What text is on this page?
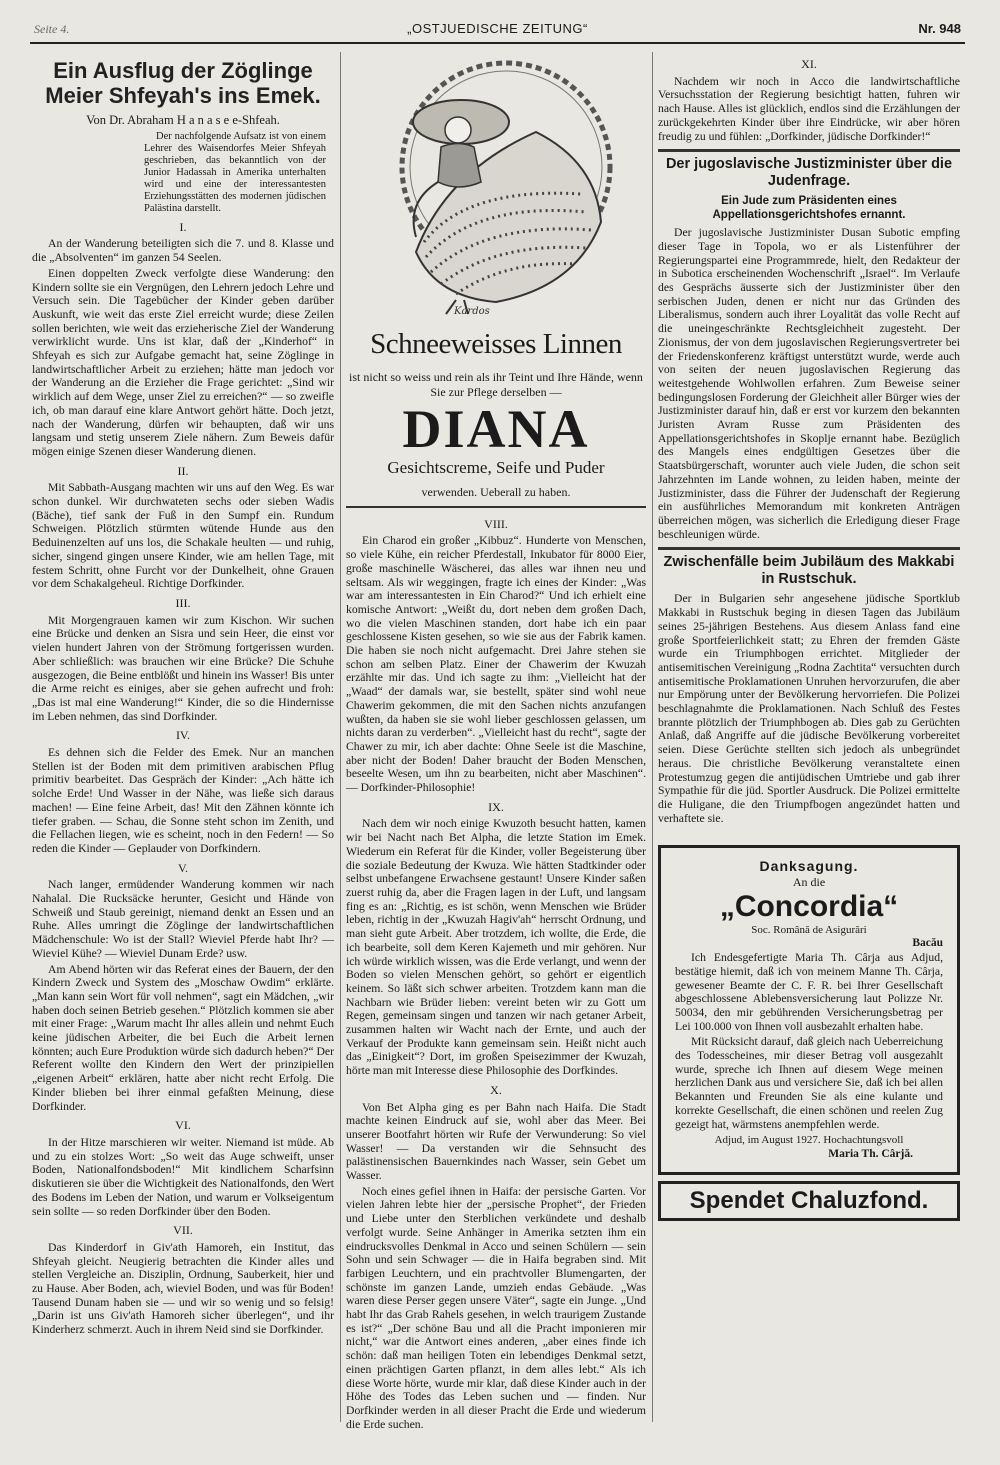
Seite 4.	„OSTJUEDISCHE ZEITUNG“	Nr. 948
Ein Ausflug der Zöglinge Meier Shfeyah's ins Emek.
Von Dr. Abraham H a n a s e e-Shfeah.

Der nachfolgende Aufsatz ist von einem Lehrer des Waisendorfes Meier Shfeyah geschrieben, das bekanntlich von der Junior Hadassah in Amerika unterhalten wird und eine der interessantesten Erziehungsstätten des modernen jüdischen Palästina darstellt.

I.

An der Wanderung beteiligten sich die 7. und 8. Klasse und die „Absolventen“ im ganzen 54 Seelen.

Einen doppelten Zweck verfolgte diese Wanderung: den Kindern sollte sie ein Vergnügen, den Lehrern jedoch Lehre und Versuch sein. Die Tagebücher der Kinder geben darüber Auskunft, wie weit das erste Ziel erreicht wurde; diese Zeilen sollen berichten, wie weit das erzieherische Ziel der Wanderung verwirklicht wurde. Uns ist klar, daß der „Kinderhof“ in Shfeyah es sich zur Aufgabe gemacht hat, seine Zöglinge in landwirtschaftlicher Arbeit zu erziehen; hätte man jedoch vor der Wanderung an die Erzieher die Frage gerichtet: „Sind wir wirklich auf dem Wege, unser Ziel zu erreichen?“ — so zweifle ich, ob man darauf eine klare Antwort gehört hätte. Doch jetzt, nach der Wanderung, dürfen wir behaupten, daß wir uns langsam und stetig unserem Ziele nähern. Zum Beweis dafür mögen einige Szenen dieser Wanderung dienen.

II.

Mit Sabbath-Ausgang machten wir uns auf den Weg. Es war schon dunkel. Wir durchwateten sechs oder sieben Wadis (Bäche), tief sank der Fuß in den Sumpf ein. Rundum Schweigen. Plötzlich stürmten wütende Hunde aus den Beduinenzelten auf uns los, die Schakale heulten — und ruhig, sicher, singend gingen unsere Kinder, wie am hellen Tage, mit festem Schritt, ohne Furcht vor der Dunkelheit, ohne Grauen vor dem Schakalgeheul. Richtige Dorfkinder.

III.

Mit Morgengrauen kamen wir zum Kischon. Wir suchen eine Brücke und denken an Sisra und sein Heer, die einst vor vielen hundert Jahren von der Strömung fortgerissen wurden. Aber schließlich: was brauchen wir eine Brücke? Die Schuhe ausgezogen, die Beine entblößt und hinein ins Wasser! Bis unter die Arme reicht es einiges, aber sie gehen aufrecht und froh: „Das ist mal eine Wanderung!“ Kinder, die so die Hindernisse im Leben nehmen, das sind Dorfkinder.

IV.

Es dehnen sich die Felder des Emek. Nur an manchen Stellen ist der Boden mit dem primitiven arabischen Pflug primitiv bearbeitet. Das Gespräch der Kinder: „Ach hätte ich solche Erde! Und Wasser in der Nähe, was ließe sich daraus machen! — Eine feine Arbeit, das! Mit den Zähnen könnte ich tiefer graben. — Schau, die Sonne steht schon im Zenith, und die Fellachen liegen, wie es scheint, noch in den Federn! — So reden die Kinder — Geplauder von Dorfkindern.

V.

Nach langer, ermüdender Wanderung kommen wir nach Nahalal. Die Rucksäcke herunter, Gesicht und Hände von Schweiß und Staub gereinigt, niemand denkt an Essen und an Ruhe. Alles umringt die Zöglinge der landwirtschaftlichen Mädchenschule: Wo ist der Stall? Wieviel Pferde habt Ihr? — Wieviel Kühe? — Wieviel Dunam Erde? usw.

Am Abend hörten wir das Referat eines der Bauern, der den Kindern Zweck und System des „Moschaw Owdim“ erklärte. „Man kann sein Wort für voll nehmen“, sagt ein Mädchen, „wir haben doch seinen Betrieb gesehen.“ Plötzlich kommen sie aber mit einer Frage: „Warum macht Ihr alles allein und nehmt Euch keine jüdischen Arbeiter, die bei Euch die Arbeit lernen könnten; auch Eure Produktion würde sich dadurch heben?“ Der Referent wollte den Kindern den Wert der prinzipiellen „eigenen Arbeit“ erklären, hatte aber nicht recht Erfolg. Die Kinder blieben bei ihrer einmal gefaßten Meinung, diese Dorfkinder.

VI.

In der Hitze marschieren wir weiter. Niemand ist müde. Ab und zu ein stolzes Wort: „So weit das Auge schweift, unser Boden, Nationalfondsboden!“ Mit kindlichem Scharfsinn diskutieren sie über die Wichtigkeit des Nationalfonds, den Wert des Bodens im Leben der Nation, und warum er Volkseigentum sein sollte — so reden Dorfkinder über den Boden.

VII.

Das Kinderdorf in Giv'ath Hamoreh, ein Institut, das Shfeyah gleicht. Neugierig betrachten die Kinder alles und stellen Vergleiche an. Disziplin, Ordnung, Sauberkeit, hier und zu Hause. Aber Boden, ach, wieviel Boden, und was für Boden! Tausend Dunam haben sie — und wir so wenig und so felsig! „Darin ist uns Giv'ath Hamoreh sicher überlegen“, und ihr Kinderherz schmerzt. Auch in ihrem Neid sind sie Dorfkinder.

Kardos
Schneeweisses Linnen
ist nicht so weiss und rein als ihr Teint und Ihre Hände, wenn Sie zur Pflege derselben —
DIANA
Gesichtscreme, Seife und Puder
verwenden. Ueberall zu haben.
VIII.

Ein Charod ein großer „Kibbuz“. Hunderte von Menschen, so viele Kühe, ein reicher Pferdestall, Inkubator für 8000 Eier, große maschinelle Wäscherei, das alles war ihnen neu und seltsam. Als wir weggingen, fragte ich eines der Kinder: „Was war am interessantesten in Ein Charod?“ Und ich erhielt eine komische Antwort: „Weißt du, dort neben dem großen Dach, wo die vielen Maschinen standen, dort habe ich ein paar geschlossene Kisten gesehen, so wie sie aus der Fabrik kamen. Die haben sie noch nicht aufgemacht. Drei Jahre stehen sie schon am selben Platz. Einer der Chawerim der Kwuzah erzählte mir das. Und ich sagte zu ihm: „Vielleicht hat der „Waad“ der damals war, sie bestellt, später sind wohl neue Chawerim gekommen, die mit den Sachen nichts anzufangen wußten, da haben sie sie wohl lieber geschlossen gelassen, um nichts daran zu verderben“. „Vielleicht hast du recht“, sagte der Chawer zu mir, ich aber dachte: Ohne Seele ist die Maschine, aber nicht der Boden! Daher braucht der Boden Menschen, beseelte Wesen, um ihn zu bearbeiten, nicht aber Maschinen“. — Dorfkinder-Philosophie!

IX.

Nach dem wir noch einige Kwuzoth besucht hatten, kamen wir bei Nacht nach Bet Alpha, die letzte Station im Emek. Wiederum ein Referat für die Kinder, voller Begeisterung über die soziale Bedeutung der Kwuza. Wie hätten Stadtkinder oder selbst unbefangene Erwachsene gestaunt! Unsere Kinder saßen zuerst ruhig da, aber die Fragen lagen in der Luft, und langsam fing es an: „Richtig, es ist schön, wenn Menschen wie Brüder leben, richtig in der „Kwuzah Hagiv'ah“ herrscht Ordnung, und man sieht gute Arbeit. Aber trotzdem, ich wollte, die Erde, die ich bearbeite, soll dem Keren Kajemeth und mir gehören. Nur ich würde wirklich wissen, was die Erde verlangt, und wenn der Boden so vielen Menschen gehört, so gehört er eigentlich keinem. So läßt sich schwer arbeiten. Trotzdem kann man die Nachbarn wie Brüder lieben: vereint beten wir zu Gott um Regen, gemeinsam singen und tanzen wir nach getaner Arbeit, zusammen halten wir Wacht nach der Ernte, und auch der Verkauf der Produkte kann gemeinsam sein. Heißt nicht auch das „Einigkeit“? Dort, im großen Speisezimmer der Kwuzah, hörte man mit Interesse diese Philosophie des Dorfkindes.

X.

Von Bet Alpha ging es per Bahn nach Haifa. Die Stadt machte keinen Eindruck auf sie, wohl aber das Meer. Bei unserer Bootfahrt hörten wir Rufe der Verwunderung: So viel Wasser! — Da verstanden wir die Sehnsucht des palästinensischen Bauernkindes nach Wasser, sein Gebet um Wasser.

Noch eines gefiel ihnen in Haifa: der persische Garten. Vor vielen Jahren lebte hier der „persische Prophet“, der Frieden und Liebe unter den Sterblichen verkündete und deshalb verfolgt wurde. Seine Anhänger in Amerika setzten ihm ein eindrucksvolles Denkmal in Acco und seinen Schülern — sein Sohn und sein Schwager — die in Haifa begraben sind. Mit farbigen Leuchtern, und ein prachtvoller Blumengarten, der schönste im ganzen Lande, umzieh endas Gebäude. „Was waren diese Perser gegen unsere Väter“, sagte ein Junge. „Und habt Ihr das Grab Rahels gesehen, in welch traurigem Zustande es ist?“ „Der schöne Bau und all die Pracht imponieren mir nicht,“ war die Antwort eines anderen, „aber eines finde ich schön: daß man heiligen Toten ein lebendiges Denkmal setzt, einen prächtigen Garten pflanzt, in dem alles lebt.“ Als ich diese Worte hörte, wurde mir klar, daß diese Kinder auch in der Höhe des Todes das Leben suchen und — finden. Nur Dorfkinder werden in all dieser Pracht die Erde und wiederum die Erde suchen.

XI.

Nachdem wir noch in Acco die landwirtschaftliche Versuchsstation der Regierung besichtigt hatten, fuhren wir nach Hause. Alles ist glücklich, endlos sind die Erzählungen der zurückgekehrten Kinder über ihre Eindrücke, wir aber hören freudig zu und fühlen: „Dorfkinder, jüdische Dorfkinder!“

Der jugoslavische Justizminister über die Judenfrage.
Ein Jude zum Präsidenten eines Appellationsgerichtshofes ernannt.

Der jugoslavische Justizminister Dusan Subotic empfing dieser Tage in Topola, wo er als Listenführer der Regierungspartei eine Programmrede, hielt, den Redakteur der in Subotica erscheinenden Wochenschrift „Israel“. Im Verlaufe des Gesprächs äusserte sich der Justizminister über den serbischen Juden, denen er nicht nur das Gründen des Liberalismus, sondern auch ihrer Loyalität das volle Recht auf die uneingeschränkte Rechtsgleichheit zugesteht. Der Zionismus, der von dem jugoslavischen Regierungsvertreter bei der Friedenskonferenz kräftigst unterstützt wurde, werde auch von seiten der neuen jugoslavischen Regierung das weitestgehende Wohlwollen erfahren. Zum Beweise seiner bedingungslosen Forderung der Gleichheit aller Bürger wies der Justizminister darauf hin, daß er erst vor kurzem den bekannten Juristen Avram Russe zum Präsidenten des Appellationsgerichtshofes in Skoplje ernannt habe. Bezüglich des Mangels eines endgültigen Gesetzes über die Staatsbürgerschaft, worunter auch viele Juden, die schon seit Jahrzehnten im Lande wohnen, zu leiden haben, meinte der Justizminister, dass die Führer der Judenschaft der Regierung ein ausführliches Memorandum mit konkreten Anträgen überreichen mögen, was sicherlich die Erledigung dieser Frage beschleunigen würde.

Zwischenfälle beim Jubiläum des Makkabi in Rustschuk.

Der in Bulgarien sehr angesehene jüdische Sportklub Makkabi in Rustschuk beging in diesen Tagen das Jubiläum seines 25-jährigen Bestehens. Aus diesem Anlass fand eine große Sportfeierlichkeit statt; zu Ehren der fremden Gäste wurde ein Triumphbogen errichtet. Mitglieder der antisemitischen Vereinigung „Rodna Zachtita“ versuchten durch antisemitische Proklamationen Unruhen hervorzurufen, die aber nur Empörung unter der Bevölkerung hervorriefen. Die Polizei beschlagnahmte die Proklamationen. Nach Schluß des Festes brannte plötzlich der Triumphbogen ab. Dies gab zu Gerüchten Anlaß, daß Angriffe auf die jüdische Bevölkerung vorbereitet seien. Diese Gerüchte stellten sich jedoch als unbegründet heraus. Die christliche Bevölkerung veranstaltete einen Protestumzug gegen die antijüdischen Umtriebe und gab ihrer Sympathie für die jüd. Sportler Ausdruck. Die Polizei ermittelte die Huligane, die den Triumpfbogen angezündet hatten und verhaftete sie.

Danksagung.
An die
„Concordia“
Soc. Română de Asigurări
Bacău

Ich Endesgefertigte Maria Th. Cârja aus Adjud, bestätige hiemit, daß ich von meinem Manne Th. Cârja, gewesener Beamte der C. F. R. bei Ihrer Gesellschaft abgeschlossene Ablebensversicherung laut Polizze Nr. 50034, den mir gebührenden Versicherungsbetrag per Lei 100.000 von Ihnen voll ausbezahlt erhalten habe.

Mit Rücksicht darauf, daß gleich nach Ueberreichung des Todesscheines, mir dieser Betrag voll ausgezahlt wurde, spreche ich Ihnen auf diesem Wege meinen herzlichen Dank aus und versichere Sie, daß ich bei allen Bekannten und Freunden Sie als eine kulante und korrekte Gesellschaft, die einen schönen und reelen Zug gezeigt hat, wärmstens anempfehlen werde.

Adjud, im August 1927. Hochachtungsvoll
Maria Th. Cârjă.
Spendet Chaluzfond.
